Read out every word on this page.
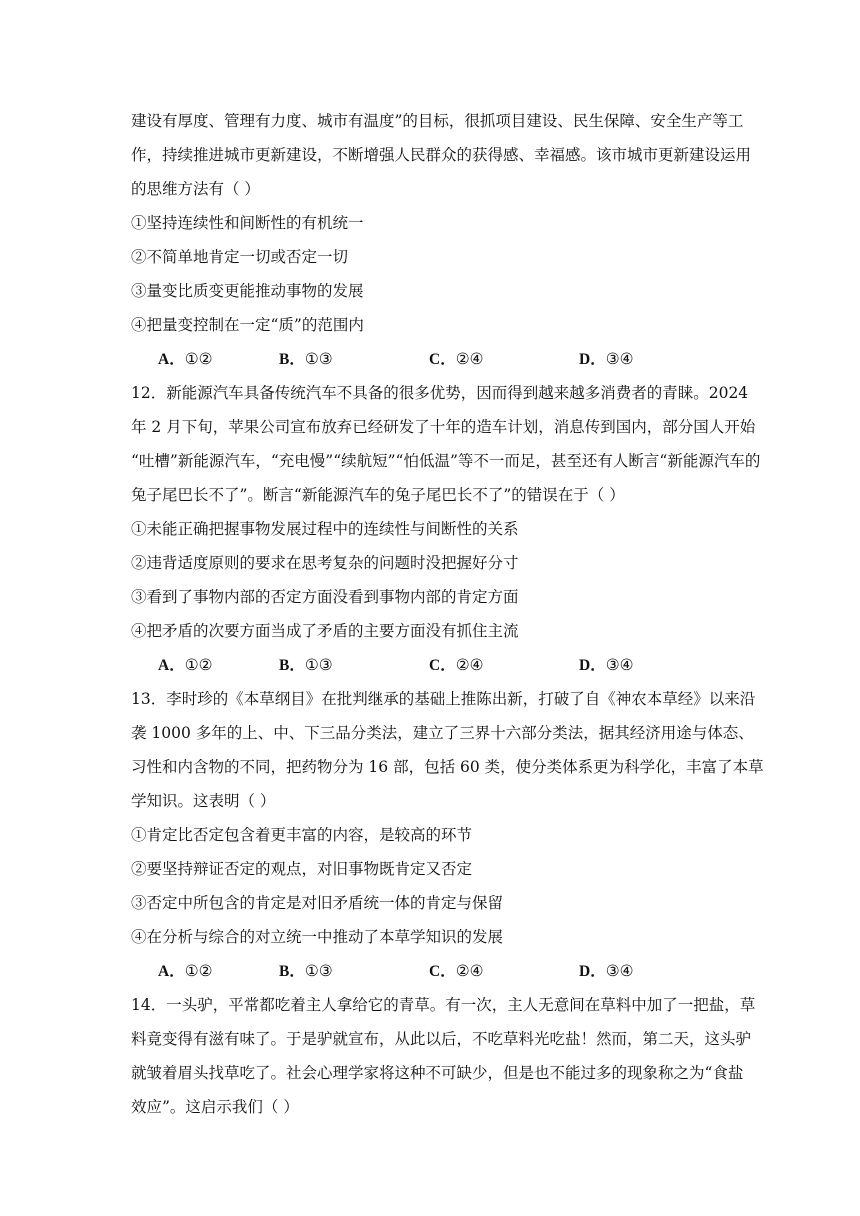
建设有厚度、管理有力度、城市有温度”的目标，很抓项目建设、民生保障、安全生产等工
作，持续推进城市更新建设，不断增强人民群众的获得感、幸福感。该市城市更新建设运用
的思维方法有（ ）
①坚持连续性和间断性的有机统一
②不简单地肯定一切或否定一切
③量变比质变更能推动事物的发展
④把量变控制在一定“质”的范围内
A．①②	B．①③	C．②④	D．③④
12．新能源汽车具备传统汽车不具备的很多优势，因而得到越来越多消费者的青睐。2024
年 2 月下旬，苹果公司宣布放弃已经研发了十年的造车计划，消息传到国内，部分国人开始
“吐槽”新能源汽车，“充电慢”“续航短”“怕低温”等不一而足，甚至还有人断言“新能源汽车的
兔子尾巴长不了”。断言“新能源汽车的兔子尾巴长不了”的错误在于（ ）
①未能正确把握事物发展过程中的连续性与间断性的关系
②违背适度原则的要求在思考复杂的问题时没把握好分寸
③看到了事物内部的否定方面没看到事物内部的肯定方面
④把矛盾的次要方面当成了矛盾的主要方面没有抓住主流
A．①②	B．①③	C．②④	D．③④
13．李时珍的《本草纲目》在批判继承的基础上推陈出新，打破了自《神农本草经》以来沿
袭 1000 多年的上、中、下三品分类法，建立了三界十六部分类法，据其经济用途与体态、
习性和内含物的不同，把药物分为 16 部，包括 60 类，使分类体系更为科学化，丰富了本草
学知识。这表明（ ）
①肯定比否定包含着更丰富的内容，是较高的环节
②要坚持辩证否定的观点，对旧事物既肯定又否定
③否定中所包含的肯定是对旧矛盾统一体的肯定与保留
④在分析与综合的对立统一中推动了本草学知识的发展
A．①②	B．①③	C．②④	D．③④
14．一头驴，平常都吃着主人拿给它的青草。有一次，主人无意间在草料中加了一把盐，草
料竟变得有滋有味了。于是驴就宣布，从此以后，不吃草料光吃盐！然而，第二天，这头驴
就皱着眉头找草吃了。社会心理学家将这种不可缺少，但是也不能过多的现象称之为“食盐
效应”。这启示我们（ ）
